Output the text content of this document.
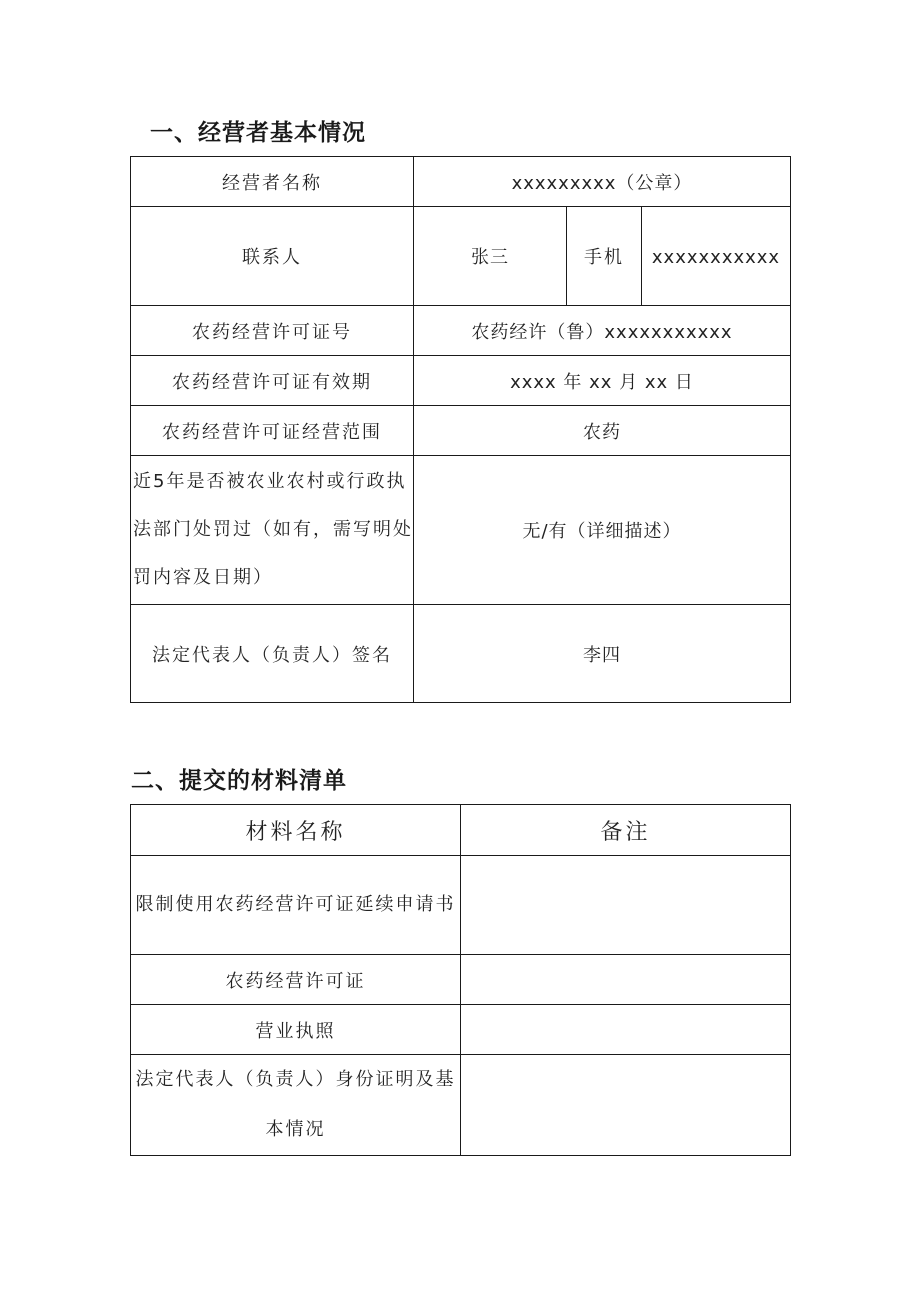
一、经营者基本情况
经营者名称	xxxxxxxxx（公章）		
联系人	张三	手机	xxxxxxxxxxx
农药经营许可证号	农药经许（鲁）xxxxxxxxxxx		
农药经营许可证有效期	xxxx 年 xx 月 xx 日		
农药经营许可证经营范围	农药		
近5年是否被农业农村或行政执法部门处罚过（如有，需写明处罚内容及日期）	无/有（详细描述）		
法定代表人（负责人）签名	李四		
二、提交的材料清单
材料名称	备注
限制使用农药经营许可证延续申请书	
农药经营许可证	
营业执照	
法定代表人（负责人）身份证明及基本情况	
